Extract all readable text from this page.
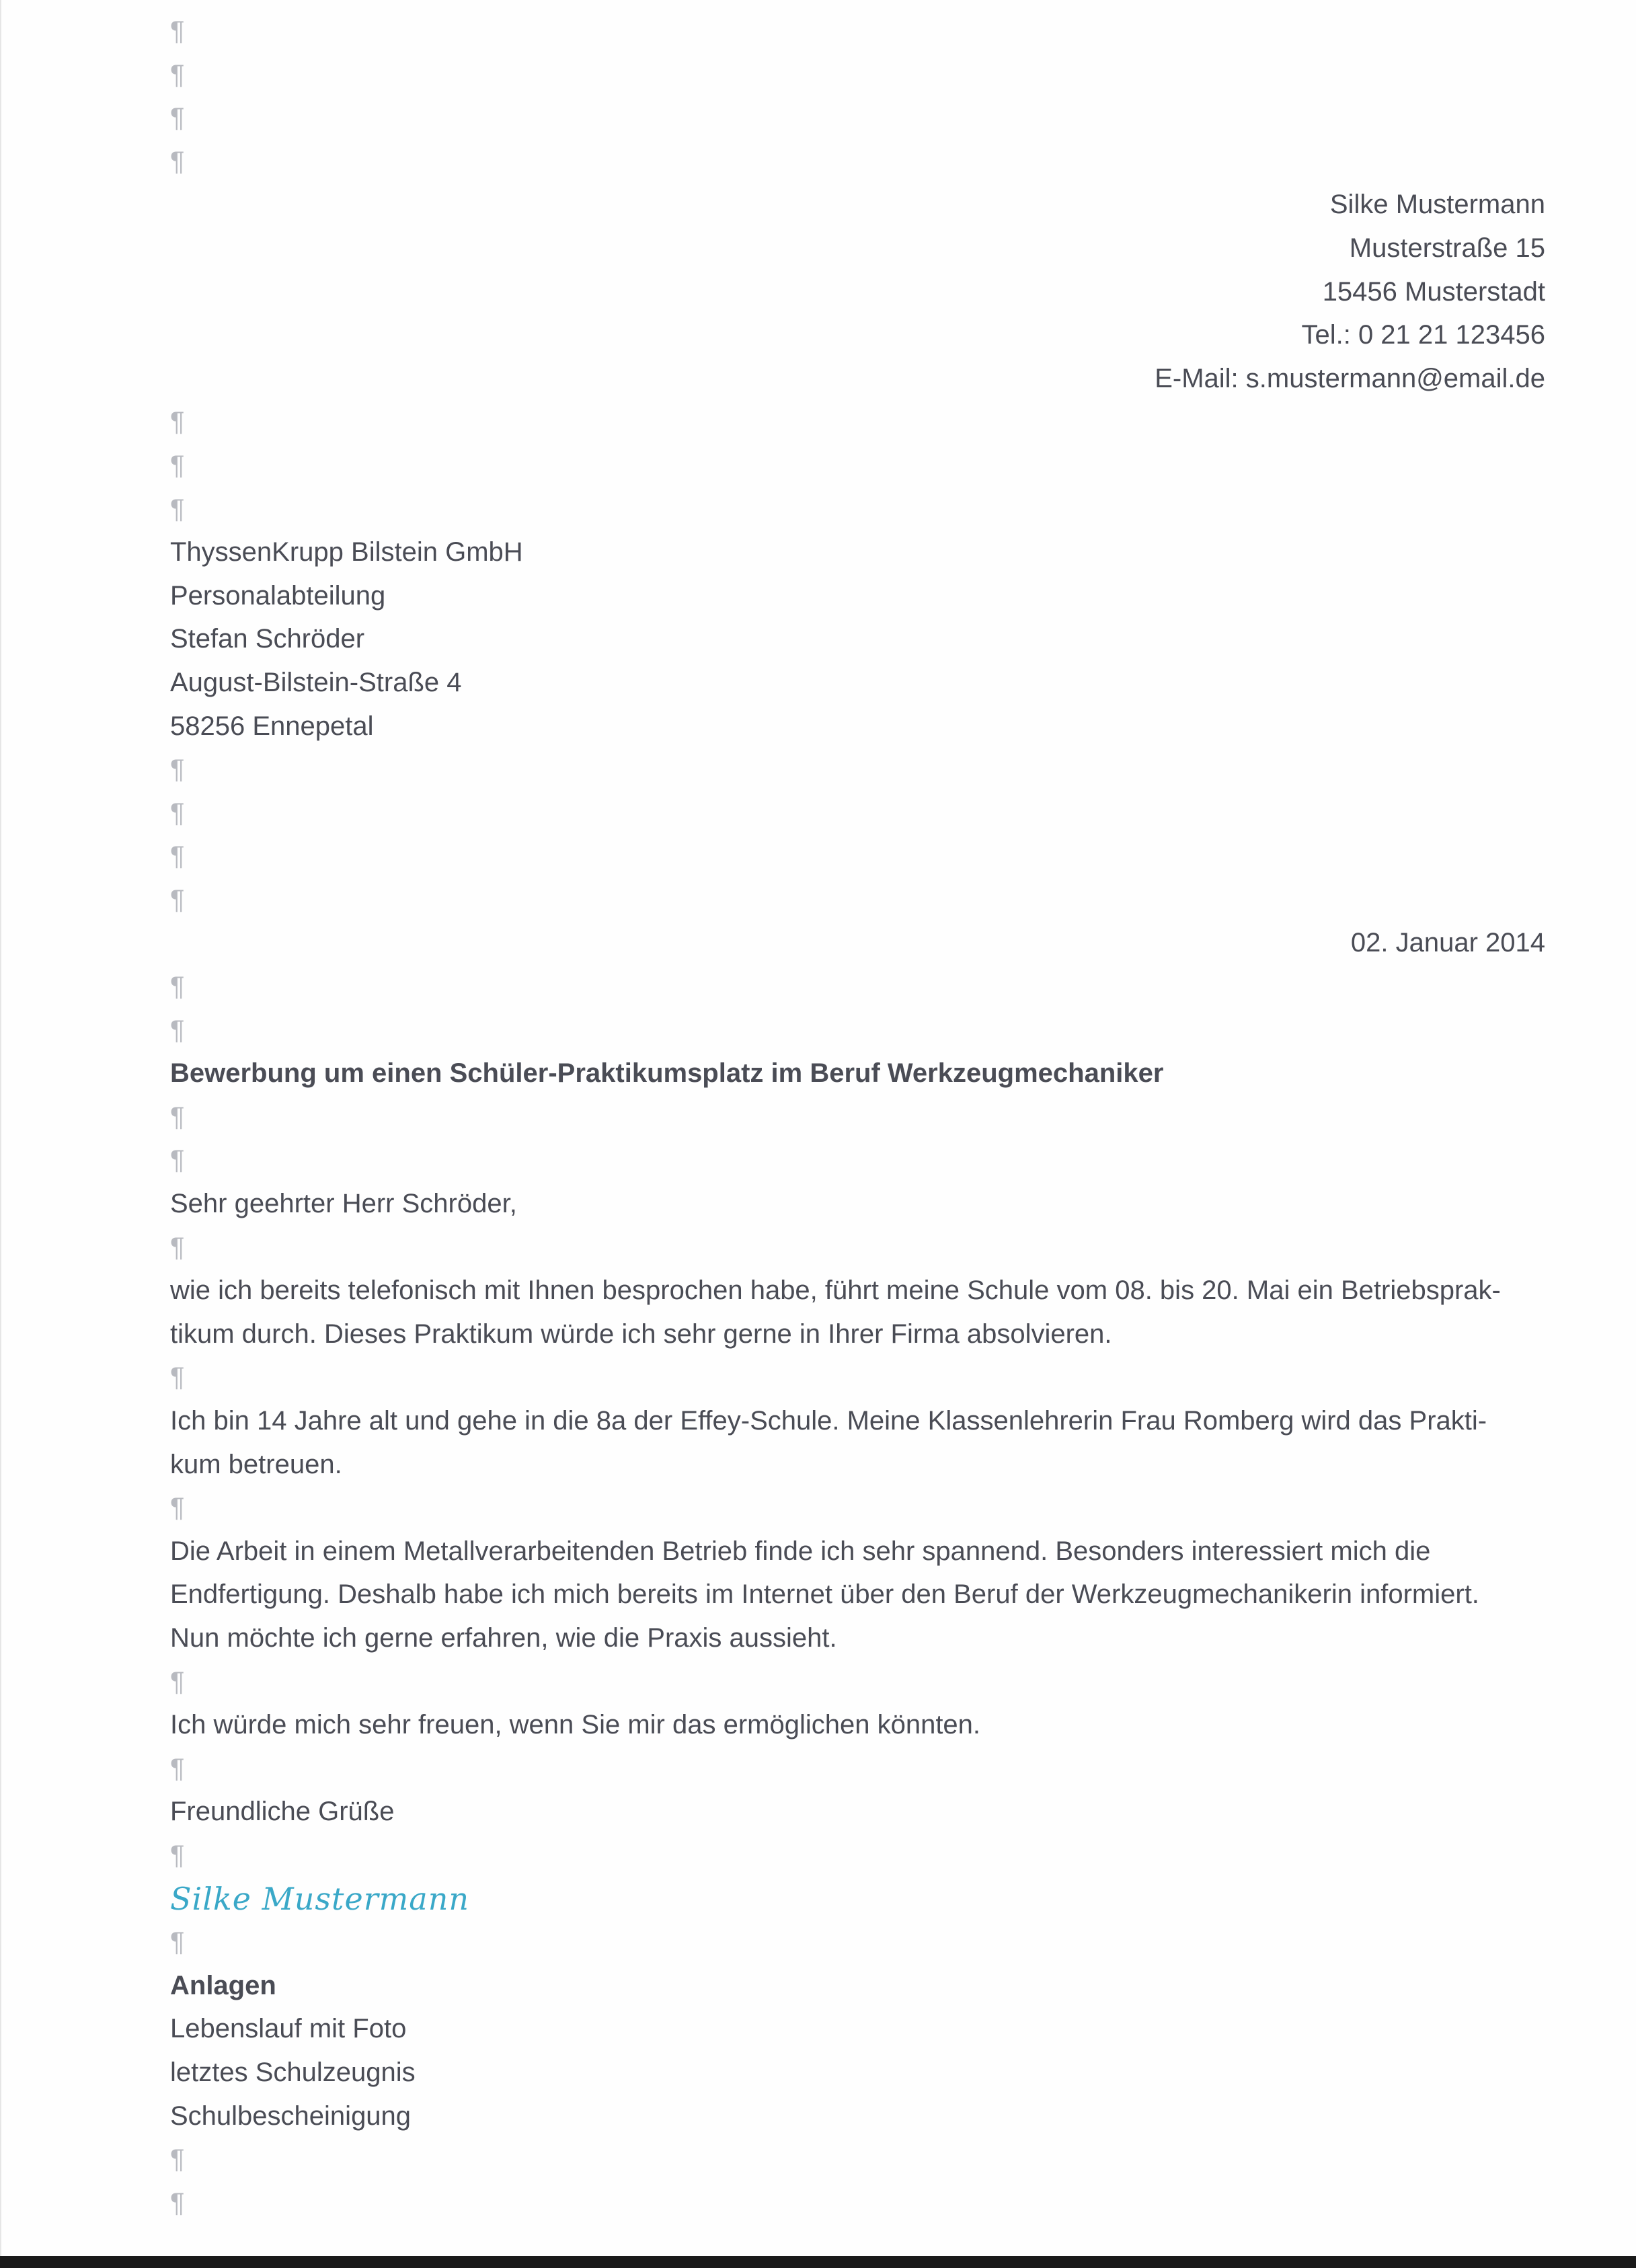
¶
¶
¶
¶
Silke Mustermann
Musterstraße 15
15456 Musterstadt
Tel.: 0 21 21 123456
E-Mail: s.mustermann@email.de
¶
¶
¶
ThyssenKrupp Bilstein GmbH
Personalabteilung
Stefan Schröder
August-Bilstein-Straße 4
58256 Ennepetal
¶
¶
¶
¶
02. Januar 2014
¶
¶
Bewerbung um einen Schüler-Praktikumsplatz im Beruf Werkzeugmechaniker
¶
¶
Sehr geehrter Herr Schröder,
¶
wie ich bereits telefonisch mit Ihnen besprochen habe, führt meine Schule vom 08. bis 20. Mai ein Betriebsprak-
tikum durch. Dieses Praktikum würde ich sehr gerne in Ihrer Firma absolvieren.
¶
Ich bin 14 Jahre alt und gehe in die 8a der Effey-Schule. Meine Klassenlehrerin Frau Romberg wird das Prakti-
kum betreuen.
¶
Die Arbeit in einem Metallverarbeitenden Betrieb finde ich sehr spannend. Besonders interessiert mich die
Endfertigung. Deshalb habe ich mich bereits im Internet über den Beruf der Werkzeugmechanikerin informiert.
Nun möchte ich gerne erfahren, wie die Praxis aussieht.
¶
Ich würde mich sehr freuen, wenn Sie mir das ermöglichen könnten.
¶
Freundliche Grüße
¶
Silke Mustermann
¶
Anlagen
Lebenslauf mit Foto
letztes Schulzeugnis
Schulbescheinigung
¶
¶
